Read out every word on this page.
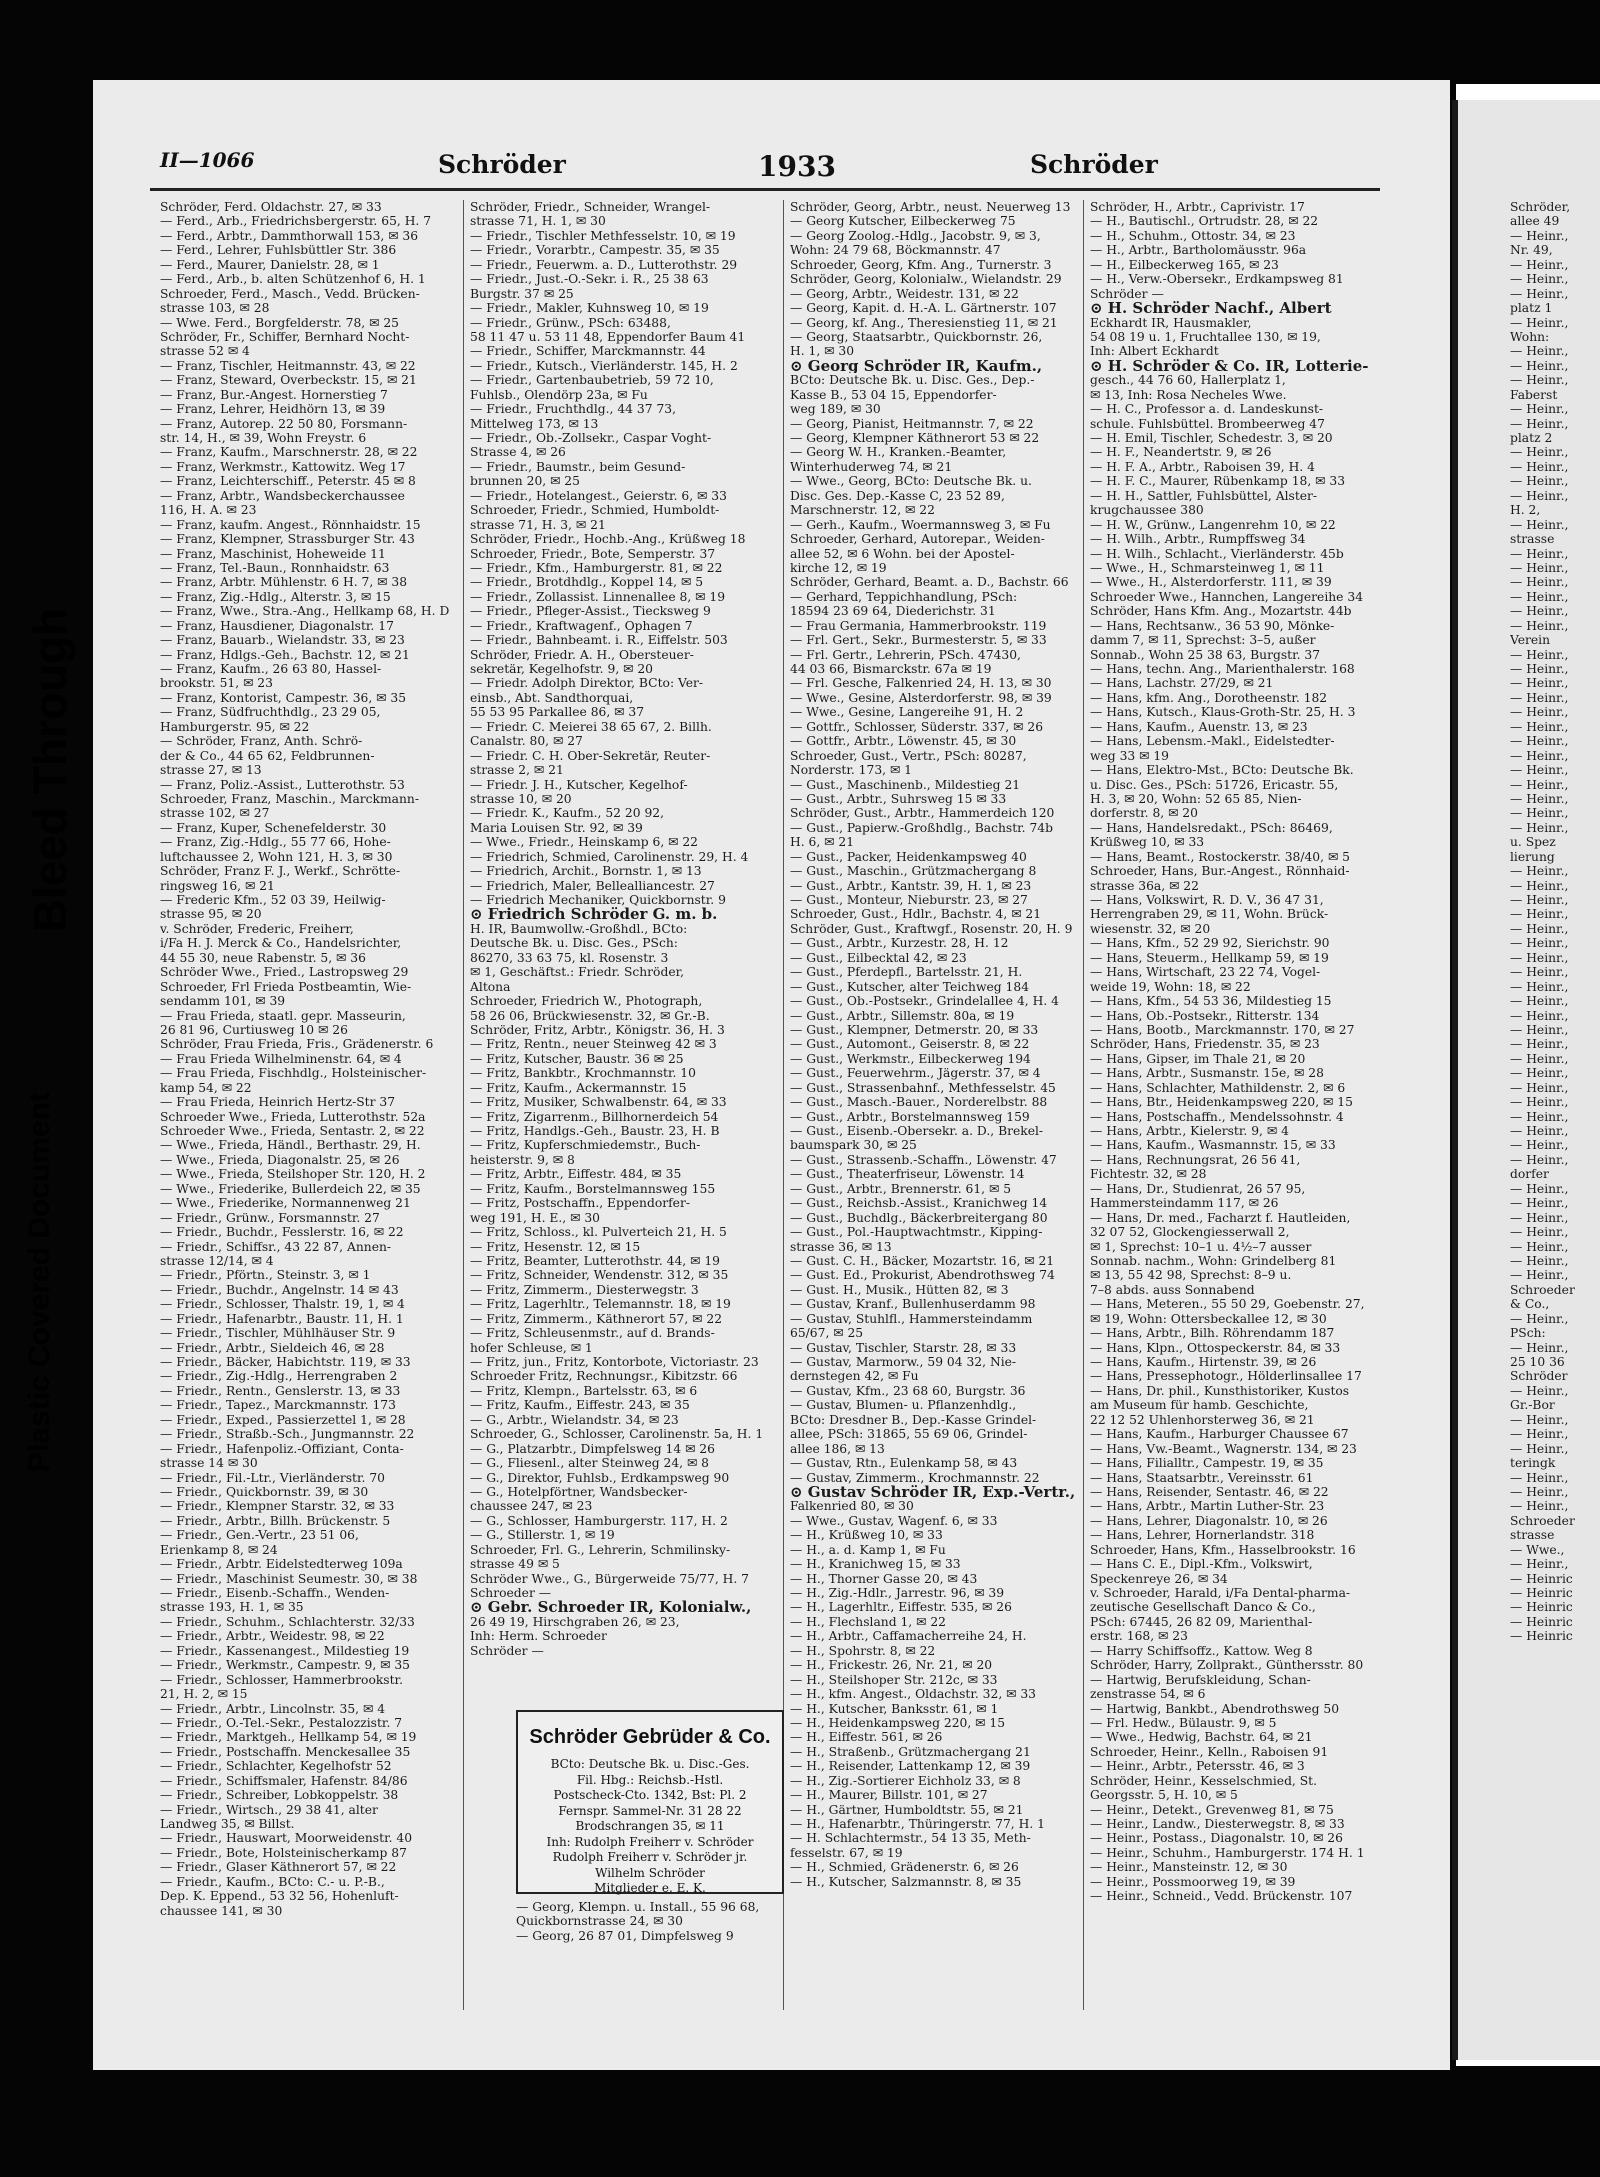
Bleed Through
Plastic Covered Document
II—1066	Schröder	1933	Schröder
Schröder, Ferd. Oldachstr. 27, ✉ 33
— Ferd., Arb., Friedrichsbergerstr. 65, H. 7
— Ferd., Arbtr., Dammthorwall 153, ✉ 36
— Ferd., Lehrer, Fuhlsbüttler Str. 386
— Ferd., Maurer, Danielstr. 28, ✉ 1
— Ferd., Arb., b. alten Schützenhof 6, H. 1
Schroeder, Ferd., Masch., Vedd. Brücken-
strasse 103, ✉ 28
— Wwe. Ferd., Borgfelderstr. 78, ✉ 25
Schröder, Fr., Schiffer, Bernhard Nocht-
strasse 52 ✉ 4
— Franz, Tischler, Heitmannstr. 43, ✉ 22
— Franz, Steward, Overbeckstr. 15, ✉ 21
— Franz, Bur.-Angest. Hornerstieg 7
— Franz, Lehrer, Heidhörn 13, ✉ 39
— Franz, Autorep. 22 50 80, Forsmann-
str. 14, H., ✉ 39, Wohn Freystr. 6
— Franz, Kaufm., Marschnerstr. 28, ✉ 22
— Franz, Werkmstr., Kattowitz. Weg 17
— Franz, Leichterschiff., Peterstr. 45 ✉ 8
— Franz, Arbtr., Wandsbeckerchaussee
116, H. A. ✉ 23
— Franz, kaufm. Angest., Rönnhaidstr. 15
— Franz, Klempner, Strassburger Str. 43
— Franz, Maschinist, Hoheweide 11
— Franz, Tel.-Baun., Ronnhaidstr. 63
— Franz, Arbtr. Mühlenstr. 6 H. 7, ✉ 38
— Franz, Zig.-Hdlg., Alterstr. 3, ✉ 15
— Franz, Wwe., Stra.-Ang., Hellkamp 68, H. D
— Franz, Hausdiener, Diagonalstr. 17
— Franz, Bauarb., Wielandstr. 33, ✉ 23
— Franz, Hdlgs.-Geh., Bachstr. 12, ✉ 21
— Franz, Kaufm., 26 63 80, Hassel-
brookstr. 51, ✉ 23
— Franz, Kontorist, Campestr. 36, ✉ 35
— Franz, Südfruchthdlg., 23 29 05,
Hamburgerstr. 95, ✉ 22
— Schröder, Franz, Anth. Schrö-
der & Co., 44 65 62, Feldbrunnen-
strasse 27, ✉ 13
— Franz, Poliz.-Assist., Lutterothstr. 53
Schroeder, Franz, Maschin., Marckmann-
strasse 102, ✉ 27
— Franz, Kuper, Schenefelderstr. 30
— Franz, Zig.-Hdlg., 55 77 66, Hohe-
luftchaussee 2, Wohn 121, H. 3, ✉ 30
Schröder, Franz F. J., Werkf., Schrötte-
ringsweg 16, ✉ 21
— Frederic Kfm., 52 03 39, Heilwig-
strasse 95, ✉ 20
v. Schröder, Frederic, Freiherr,
i/Fa H. J. Merck & Co., Handelsrichter,
44 55 30, neue Rabenstr. 5, ✉ 36
Schröder Wwe., Fried., Lastropsweg 29
Schroeder, Frl Frieda Postbeamtin, Wie-
sendamm 101, ✉ 39
— Frau Frieda, staatl. gepr. Masseurin,
26 81 96, Curtiusweg 10 ✉ 26
Schröder, Frau Frieda, Fris., Grädenerstr. 6
— Frau Frieda Wilhelminenstr. 64, ✉ 4
— Frau Frieda, Fischhdlg., Holsteinischer-
kamp 54, ✉ 22
— Frau Frieda, Heinrich Hertz-Str 37
Schroeder Wwe., Frieda, Lutterothstr. 52a
Schroeder Wwe., Frieda, Sentastr. 2, ✉ 22
— Wwe., Frieda, Händl., Berthastr. 29, H.
— Wwe., Frieda, Diagonalstr. 25, ✉ 26
— Wwe., Frieda, Steilshoper Str. 120, H. 2
— Wwe., Friederike, Bullerdeich 22, ✉ 35
— Wwe., Friederike, Normannenweg 21
— Friedr., Grünw., Forsmannstr. 27
— Friedr., Buchdr., Fesslerstr. 16, ✉ 22
— Friedr., Schiffsr., 43 22 87, Annen-
strasse 12/14, ✉ 4
— Friedr., Pförtn., Steinstr. 3, ✉ 1
— Friedr., Buchdr., Angelnstr. 14 ✉ 43
— Friedr., Schlosser, Thalstr. 19, 1, ✉ 4
— Friedr., Hafenarbtr., Baustr. 11, H. 1
— Friedr., Tischler, Mühlhäuser Str. 9
— Friedr., Arbtr., Sieldeich 46, ✉ 28
— Friedr., Bäcker, Habichtstr. 119, ✉ 33
— Friedr., Zig.-Hdlg., Herrengraben 2
— Friedr., Rentn., Genslerstr. 13, ✉ 33
— Friedr., Tapez., Marckmannstr. 173
— Friedr., Exped., Passierzettel 1, ✉ 28
— Friedr., Straßb.-Sch., Jungmannstr. 22
— Friedr., Hafenpoliz.-Offiziant, Conta-
strasse 14 ✉ 30
— Friedr., Fil.-Ltr., Vierländerstr. 70
— Friedr., Quickbornstr. 39, ✉ 30
— Friedr., Klempner Starstr. 32, ✉ 33
— Friedr., Arbtr., Billh. Brückenstr. 5
— Friedr., Gen.-Vertr., 23 51 06,
Erienkamp 8, ✉ 24
— Friedr., Arbtr. Eidelstedterweg 109a
— Friedr., Maschinist Seumestr. 30, ✉ 38
— Friedr., Eisenb.-Schaffn., Wenden-
strasse 193, H. 1, ✉ 35
— Friedr., Schuhm., Schlachterstr. 32/33
— Friedr., Arbtr., Weidestr. 98, ✉ 22
— Friedr., Kassenangest., Mildestieg 19
— Friedr., Werkmstr., Campestr. 9, ✉ 35
— Friedr., Schlosser, Hammerbrookstr.
21, H. 2, ✉ 15
— Friedr., Arbtr., Lincolnstr. 35, ✉ 4
— Friedr., O.-Tel.-Sekr., Pestalozzistr. 7
— Friedr., Marktgeh., Hellkamp 54, ✉ 19
— Friedr., Postschaffn. Menckesallee 35
— Friedr., Schlachter, Kegelhofstr 52
— Friedr., Schiffsmaler, Hafenstr. 84/86
— Friedr., Schreiber, Lobkoppelstr. 38
— Friedr., Wirtsch., 29 38 41, alter
Landweg 35, ✉ Billst.
— Friedr., Hauswart, Moorweidenstr. 40
— Friedr., Bote, Holsteinischerkamp 87
— Friedr., Glaser Käthnerort 57, ✉ 22
— Friedr., Kaufm., BCto: C.- u. P.-B.,
Dep. K. Eppend., 53 32 56, Hohenluft-
chaussee 141, ✉ 30
Schröder, Friedr., Schneider, Wrangel-
strasse 71, H. 1, ✉ 30
— Friedr., Tischler Methfesselstr. 10, ✉ 19
— Friedr., Vorarbtr., Campestr. 35, ✉ 35
— Friedr., Feuerwm. a. D., Lutterothstr. 29
— Friedr., Just.-O.-Sekr. i. R., 25 38 63
Burgstr. 37 ✉ 25
— Friedr., Makler, Kuhnsweg 10, ✉ 19
— Friedr., Grünw., PSch: 63488,
58 11 47 u. 53 11 48, Eppendorfer Baum 41
— Friedr., Schiffer, Marckmannstr. 44
— Friedr., Kutsch., Vierländerstr. 145, H. 2
— Friedr., Gartenbaubetrieb, 59 72 10,
Fuhlsb., Olendörp 23a, ✉ Fu
— Friedr., Fruchthdlg., 44 37 73,
Mittelweg 173, ✉ 13
— Friedr., Ob.-Zollsekr., Caspar Voght-
Strasse 4, ✉ 26
— Friedr., Baumstr., beim Gesund-
brunnen 20, ✉ 25
— Friedr., Hotelangest., Geierstr. 6, ✉ 33
Schroeder, Friedr., Schmied, Humboldt-
strasse 71, H. 3, ✉ 21
Schröder, Friedr., Hochb.-Ang., Krüßweg 18
Schroeder, Friedr., Bote, Semperstr. 37
— Friedr., Kfm., Hamburgerstr. 81, ✉ 22
— Friedr., Brotdhdlg., Koppel 14, ✉ 5
— Friedr., Zollassist. Linnenallee 8, ✉ 19
— Friedr., Pfleger-Assist., Tiecksweg 9
— Friedr., Kraftwagenf., Ophagen 7
— Friedr., Bahnbeamt. i. R., Eiffelstr. 503
Schröder, Friedr. A. H., Obersteuer-
sekretär, Kegelhofstr. 9, ✉ 20
— Friedr. Adolph Direktor, BCto: Ver-
einsb., Abt. Sandthorquai,
55 53 95 Parkallee 86, ✉ 37
— Friedr. C. Meierei 38 65 67, 2. Billh.
Canalstr. 80, ✉ 27
— Friedr. C. H. Ober-Sekretär, Reuter-
strasse 2, ✉ 21
— Friedr. J. H., Kutscher, Kegelhof-
strasse 10, ✉ 20
— Friedr. K., Kaufm., 52 20 92,
Maria Louisen Str. 92, ✉ 39
— Wwe., Friedr., Heinskamp 6, ✉ 22
— Friedrich, Schmied, Carolinenstr. 29, H. 4
— Friedrich, Archit., Bornstr. 1, ✉ 13
— Friedrich, Maler, Bellealliancestr. 27
— Friedrich Mechaniker, Quickbornstr. 9
⊙ Friedrich Schröder G. m. b.
H. IR, Baumwollw.-Großhdl., BCto:
Deutsche Bk. u. Disc. Ges., PSch:
86270, 33 63 75, kl. Rosenstr. 3
✉ 1, Geschäftst.: Friedr. Schröder,
Altona
Schroeder, Friedrich W., Photograph,
58 26 06, Brückwiesenstr. 32, ✉ Gr.-B.
Schröder, Fritz, Arbtr., Königstr. 36, H. 3
— Fritz, Rentn., neuer Steinweg 42 ✉ 3
— Fritz, Kutscher, Baustr. 36 ✉ 25
— Fritz, Bankbtr., Krochmannstr. 10
— Fritz, Kaufm., Ackermannstr. 15
— Fritz, Musiker, Schwalbenstr. 64, ✉ 33
— Fritz, Zigarrenm., Billhornerdeich 54
— Fritz, Handlgs.-Geh., Baustr. 23, H. B
— Fritz, Kupferschmiedemstr., Buch-
heisterstr. 9, ✉ 8
— Fritz, Arbtr., Eiffestr. 484, ✉ 35
— Fritz, Kaufm., Borstelmannsweg 155
— Fritz, Postschaffn., Eppendorfer-
weg 191, H. E., ✉ 30
— Fritz, Schloss., kl. Pulverteich 21, H. 5
— Fritz, Hesenstr. 12, ✉ 15
— Fritz, Beamter, Lutterothstr. 44, ✉ 19
— Fritz, Schneider, Wendenstr. 312, ✉ 35
— Fritz, Zimmerm., Diesterwegstr. 3
— Fritz, Lagerhltr., Telemannstr. 18, ✉ 19
— Fritz, Zimmerm., Käthnerort 57, ✉ 22
— Fritz, Schleusenmstr., auf d. Brands-
hofer Schleuse, ✉ 1
— Fritz, jun., Fritz, Kontorbote, Victoriastr. 23
Schroeder Fritz, Rechnungsr., Kibitzstr. 66
— Fritz, Klempn., Bartelsstr. 63, ✉ 6
— Fritz, Kaufm., Eiffestr. 243, ✉ 35
— G., Arbtr., Wielandstr. 34, ✉ 23
Schroeder, G., Schlosser, Carolinenstr. 5a, H. 1
— G., Platzarbtr., Dimpfelsweg 14 ✉ 26
— G., Fliesenl., alter Steinweg 24, ✉ 8
— G., Direktor, Fuhlsb., Erdkampsweg 90
— G., Hotelpförtner, Wandsbecker-
chaussee 247, ✉ 23
— G., Schlosser, Hamburgerstr. 117, H. 2
— G., Stillerstr. 1, ✉ 19
Schroeder, Frl. G., Lehrerin, Schmilinsky-
strasse 49 ✉ 5
Schröder Wwe., G., Bürgerweide 75/77, H. 7
Schroeder —
⊙ Gebr. Schroeder IR, Kolonialw.,
26 49 19, Hirschgraben 26, ✉ 23,
Inh: Herm. Schroeder
Schröder —
Schröder, Georg, Arbtr., neust. Neuerweg 13
— Georg Kutscher, Eilbeckerweg 75
— Georg Zoolog.-Hdlg., Jacobstr. 9, ✉ 3,
Wohn: 24 79 68, Böckmannstr. 47
Schroeder, Georg, Kfm. Ang., Turnerstr. 3
Schröder, Georg, Kolonialw., Wielandstr. 29
— Georg, Arbtr., Weidestr. 131, ✉ 22
— Georg, Kapit. d. H.-A. L. Gärtnerstr. 107
— Georg, kf. Ang., Theresienstieg 11, ✉ 21
— Georg, Staatsarbtr., Quickbornstr. 26,
H. 1, ✉ 30
⊙ Georg Schröder IR, Kaufm.,
BCto: Deutsche Bk. u. Disc. Ges., Dep.-
Kasse B., 53 04 15, Eppendorfer-
weg 189, ✉ 30
— Georg, Pianist, Heitmannstr. 7, ✉ 22
— Georg, Klempner Käthnerort 53 ✉ 22
— Georg W. H., Kranken.-Beamter,
Winterhuderweg 74, ✉ 21
— Wwe., Georg, BCto: Deutsche Bk. u.
Disc. Ges. Dep.-Kasse C, 23 52 89,
Marschnerstr. 12, ✉ 22
— Gerh., Kaufm., Woermannsweg 3, ✉ Fu
Schroeder, Gerhard, Autorepar., Weiden-
allee 52, ✉ 6 Wohn. bei der Apostel-
kirche 12, ✉ 19
Schröder, Gerhard, Beamt. a. D., Bachstr. 66
— Gerhard, Teppichhandlung, PSch:
18594 23 69 64, Diederichstr. 31
— Frau Germania, Hammerbrookstr. 119
— Frl. Gert., Sekr., Burmesterstr. 5, ✉ 33
— Frl. Gertr., Lehrerin, PSch. 47430,
44 03 66, Bismarckstr. 67a ✉ 19
— Frl. Gesche, Falkenried 24, H. 13, ✉ 30
— Wwe., Gesine, Alsterdorferstr. 98, ✉ 39
— Wwe., Gesine, Langereihe 91, H. 2
— Gottfr., Schlosser, Süderstr. 337, ✉ 26
— Gottfr., Arbtr., Löwenstr. 45, ✉ 30
Schroeder, Gust., Vertr., PSch: 80287,
Norderstr. 173, ✉ 1
— Gust., Maschinenb., Mildestieg 21
— Gust., Arbtr., Suhrsweg 15 ✉ 33
Schröder, Gust., Arbtr., Hammerdeich 120
— Gust., Papierw.-Großhdlg., Bachstr. 74b
H. 6, ✉ 21
— Gust., Packer, Heidenkampsweg 40
— Gust., Maschin., Grützmachergang 8
— Gust., Arbtr., Kantstr. 39, H. 1, ✉ 23
— Gust., Monteur, Nieburstr. 23, ✉ 27
Schroeder, Gust., Hdlr., Bachstr. 4, ✉ 21
Schröder, Gust., Kraftwgf., Rosenstr. 20, H. 9
— Gust., Arbtr., Kurzestr. 28, H. 12
— Gust., Eilbecktal 42, ✉ 23
— Gust., Pferdepfl., Bartelsstr. 21, H.
— Gust., Kutscher, alter Teichweg 184
— Gust., Ob.-Postsekr., Grindelallee 4, H. 4
— Gust., Arbtr., Sillemstr. 80a, ✉ 19
— Gust., Klempner, Detmerstr. 20, ✉ 33
— Gust., Automont., Geiserstr. 8, ✉ 22
— Gust., Werkmstr., Eilbeckerweg 194
— Gust., Feuerwehrm., Jägerstr. 37, ✉ 4
— Gust., Strassenbahnf., Methfesselstr. 45
— Gust., Masch.-Bauer., Norderelbstr. 88
— Gust., Arbtr., Borstelmannsweg 159
— Gust., Eisenb.-Obersekr. a. D., Brekel-
baumspark 30, ✉ 25
— Gust., Strassenb.-Schaffn., Löwenstr. 47
— Gust., Theaterfriseur, Löwenstr. 14
— Gust., Arbtr., Brennerstr. 61, ✉ 5
— Gust., Reichsb.-Assist., Kranichweg 14
— Gust., Buchdlg., Bäckerbreitergang 80
— Gust., Pol.-Hauptwachtmstr., Kipping-
strasse 36, ✉ 13
— Gust. C. H., Bäcker, Mozartstr. 16, ✉ 21
— Gust. Ed., Prokurist, Abendrothsweg 74
— Gust. H., Musik., Hütten 82, ✉ 3
— Gustav, Kranf., Bullenhuserdamm 98
— Gustav, Stuhlfl., Hammersteindamm
65/67, ✉ 25
— Gustav, Tischler, Starstr. 28, ✉ 33
— Gustav, Marmorw., 59 04 32, Nie-
dernstegen 42, ✉ Fu
— Gustav, Kfm., 23 68 60, Burgstr. 36
— Gustav, Blumen- u. Pflanzenhdlg.,
BCto: Dresdner B., Dep.-Kasse Grindel-
allee, PSch: 31865, 55 69 06, Grindel-
allee 186, ✉ 13
— Gustav, Rtn., Eulenkamp 58, ✉ 43
— Gustav, Zimmerm., Krochmannstr. 22
⊙ Gustav Schröder IR, Exp.-Vertr.,
Falkenried 80, ✉ 30
— Wwe., Gustav, Wagenf. 6, ✉ 33
— H., Krüßweg 10, ✉ 33
— H., a. d. Kamp 1, ✉ Fu
— H., Kranichweg 15, ✉ 33
— H., Thorner Gasse 20, ✉ 43
— H., Zig.-Hdlr., Jarrestr. 96, ✉ 39
— H., Lagerhltr., Eiffestr. 535, ✉ 26
— H., Flechsland 1, ✉ 22
— H., Arbtr., Caffamacherreihe 24, H.
— H., Spohrstr. 8, ✉ 22
— H., Frickestr. 26, Nr. 21, ✉ 20
— H., Steilshoper Str. 212c, ✉ 33
— H., kfm. Angest., Oldachstr. 32, ✉ 33
— H., Kutscher, Banksstr. 61, ✉ 1
— H., Heidenkampsweg 220, ✉ 15
— H., Eiffestr. 561, ✉ 26
— H., Straßenb., Grützmachergang 21
— H., Reisender, Lattenkamp 12, ✉ 39
— H., Zig.-Sortierer Eichholz 33, ✉ 8
— H., Maurer, Billstr. 101, ✉ 27
— H., Gärtner, Humboldtstr. 55, ✉ 21
— H., Hafenarbtr., Thüringerstr. 77, H. 1
— H. Schlachtermstr., 54 13 35, Meth-
fesselstr. 67, ✉ 19
— H., Schmied, Grädenerstr. 6, ✉ 26
— H., Kutscher, Salzmannstr. 8, ✉ 35
Schröder, H., Arbtr., Caprivistr. 17
— H., Bautischl., Ortrudstr. 28, ✉ 22
— H., Schuhm., Ottostr. 34, ✉ 23
— H., Arbtr., Bartholomäusstr. 96a
— H., Eilbeckerweg 165, ✉ 23
— H., Verw.-Obersekr., Erdkampsweg 81
Schröder —
⊙ H. Schröder Nachf., Albert
Eckhardt IR, Hausmakler,
54 08 19 u. 1, Fruchtallee 130, ✉ 19,
Inh: Albert Eckhardt
⊙ H. Schröder & Co. IR, Lotterie-
gesch., 44 76 60, Hallerplatz 1,
✉ 13, Inh: Rosa Necheles Wwe.
— H. C., Professor a. d. Landeskunst-
schule. Fuhlsbüttel. Brombeerweg 47
— H. Emil, Tischler, Schedestr. 3, ✉ 20
— H. F., Neandertstr. 9, ✉ 26
— H. F. A., Arbtr., Raboisen 39, H. 4
— H. F. C., Maurer, Rübenkamp 18, ✉ 33
— H. H., Sattler, Fuhlsbüttel, Alster-
krugchaussee 380
— H. W., Grünw., Langenrehm 10, ✉ 22
— H. Wilh., Arbtr., Rumpffsweg 34
— H. Wilh., Schlacht., Vierländerstr. 45b
— Wwe., H., Schmarsteinweg 1, ✉ 11
— Wwe., H., Alsterdorferstr. 111, ✉ 39
Schroeder Wwe., Hannchen, Langereihe 34
Schröder, Hans Kfm. Ang., Mozartstr. 44b
— Hans, Rechtsanw., 36 53 90, Mönke-
damm 7, ✉ 11, Sprechst: 3–5, außer
Sonnab., Wohn 25 38 63, Burgstr. 37
— Hans, techn. Ang., Marienthalerstr. 168
— Hans, Lachstr. 27/29, ✉ 21
— Hans, kfm. Ang., Dorotheenstr. 182
— Hans, Kutsch., Klaus-Groth-Str. 25, H. 3
— Hans, Kaufm., Auenstr. 13, ✉ 23
— Hans, Lebensm.-Makl., Eidelstedter-
weg 33 ✉ 19
— Hans, Elektro-Mst., BCto: Deutsche Bk.
u. Disc. Ges., PSch: 51726, Ericastr. 55,
H. 3, ✉ 20, Wohn: 52 65 85, Nien-
dorferstr. 8, ✉ 20
— Hans, Handelsredakt., PSch: 86469,
Krüßweg 10, ✉ 33
— Hans, Beamt., Rostockerstr. 38/40, ✉ 5
Schroeder, Hans, Bur.-Angest., Rönnhaid-
strasse 36a, ✉ 22
— Hans, Volkswirt, R. D. V., 36 47 31,
Herrengraben 29, ✉ 11, Wohn. Brück-
wiesenstr. 32, ✉ 20
— Hans, Kfm., 52 29 92, Sierichstr. 90
— Hans, Steuerm., Hellkamp 59, ✉ 19
— Hans, Wirtschaft, 23 22 74, Vogel-
weide 19, Wohn: 18, ✉ 22
— Hans, Kfm., 54 53 36, Mildestieg 15
— Hans, Ob.-Postsekr., Ritterstr. 134
— Hans, Bootb., Marckmannstr. 170, ✉ 27
Schröder, Hans, Friedenstr. 35, ✉ 23
— Hans, Gipser, im Thale 21, ✉ 20
— Hans, Arbtr., Susmanstr. 15e, ✉ 28
— Hans, Schlachter, Mathildenstr. 2, ✉ 6
— Hans, Btr., Heidenkampsweg 220, ✉ 15
— Hans, Postschaffn., Mendelssohnstr. 4
— Hans, Arbtr., Kielerstr. 9, ✉ 4
— Hans, Kaufm., Wasmannstr. 15, ✉ 33
— Hans, Rechnungsrat, 26 56 41,
Fichtestr. 32, ✉ 28
— Hans, Dr., Studienrat, 26 57 95,
Hammersteindamm 117, ✉ 26
— Hans, Dr. med., Facharzt f. Hautleiden,
32 07 52, Glockengiesserwall 2,
✉ 1, Sprechst: 10–1 u. 4½–7 ausser
Sonnab. nachm., Wohn: Grindelberg 81
✉ 13, 55 42 98, Sprechst: 8–9 u.
7–8 abds. auss Sonnabend
— Hans, Meteren., 55 50 29, Goebenstr. 27,
✉ 19, Wohn: Ottersbeckallee 12, ✉ 30
— Hans, Arbtr., Bilh. Röhrendamm 187
— Hans, Klpn., Ottospeckerstr. 84, ✉ 33
— Hans, Kaufm., Hirtenstr. 39, ✉ 26
— Hans, Pressephotogr., Hölderlinsallee 17
— Hans, Dr. phil., Kunsthistoriker, Kustos
am Museum für hamb. Geschichte,
22 12 52 Uhlenhorsterweg 36, ✉ 21
— Hans, Kaufm., Harburger Chaussee 67
— Hans, Vw.-Beamt., Wagnerstr. 134, ✉ 23
— Hans, Filialltr., Campestr. 19, ✉ 35
— Hans, Staatsarbtr., Vereinsstr. 61
— Hans, Reisender, Sentastr. 46, ✉ 22
— Hans, Arbtr., Martin Luther-Str. 23
— Hans, Lehrer, Diagonalstr. 10, ✉ 26
— Hans, Lehrer, Hornerlandstr. 318
Schroeder, Hans, Kfm., Hasselbrookstr. 16
— Hans C. E., Dipl.-Kfm., Volkswirt,
Speckenreye 26, ✉ 34
v. Schroeder, Harald, i/Fa Dental-pharma-
zeutische Gesellschaft Danco & Co.,
PSch: 67445, 26 82 09, Marienthal-
erstr. 168, ✉ 23
— Harry Schiffsoffz., Kattow. Weg 8
Schröder, Harry, Zollprakt., Günthersstr. 80
— Hartwig, Berufskleidung, Schan-
zenstrasse 54, ✉ 6
— Hartwig, Bankbt., Abendrothsweg 50
— Frl. Hedw., Bülaustr. 9, ✉ 5
— Wwe., Hedwig, Bachstr. 64, ✉ 21
Schroeder, Heinr., Kelln., Raboisen 91
— Heinr., Arbtr., Petersstr. 46, ✉ 3
Schröder, Heinr., Kesselschmied, St.
Georgsstr. 5, H. 10, ✉ 5
— Heinr., Detekt., Grevenweg 81, ✉ 75
— Heinr., Landw., Diesterwegstr. 8, ✉ 33
— Heinr., Postass., Diagonalstr. 10, ✉ 26
— Heinr., Schuhm., Hamburgerstr. 174 H. 1
— Heinr., Mansteinstr. 12, ✉ 30
— Heinr., Possmoorweg 19, ✉ 39
— Heinr., Schneid., Vedd. Brückenstr. 107
Schröder Gebrüder & Co.
BCto: Deutsche Bk. u. Disc.-Ges.
Fil. Hbg.: Reichsb.-Hstl.
Postscheck-Cto. 1342, Bst: Pl. 2
Fernspr. Sammel-Nr. 31 28 22
Brodschrangen 35, ✉ 11
Inh: Rudolph Freiherr v. Schröder
Rudolph Freiherr v. Schröder jr.
Wilhelm Schröder
Mitglieder e. E. K.
— Georg, Klempn. u. Install., 55 96 68,
Quickbornstrasse 24, ✉ 30
— Georg, 26 87 01, Dimpfelsweg 9
Schröder,
allee 49
— Heinr.,
Nr. 49,
— Heinr.,
— Heinr.,
— Heinr.,
platz 1
— Heinr.,
Wohn:
— Heinr.,
— Heinr.,
— Heinr.,
Faberst
— Heinr.,
— Heinr.,
platz 2
— Heinr.,
— Heinr.,
— Heinr.,
— Heinr.,
H. 2,
— Heinr.,
strasse
— Heinr.,
— Heinr.,
— Heinr.,
— Heinr.,
— Heinr.,
— Heinr.,
Verein
— Heinr.,
— Heinr.,
— Heinr.,
— Heinr.,
— Heinr.,
— Heinr.,
— Heinr.,
— Heinr.,
— Heinr.,
— Heinr.,
— Heinr.,
— Heinr.,
— Heinr.,
u. Spez
lierung
— Heinr.,
— Heinr.,
— Heinr.,
— Heinr.,
— Heinr.,
— Heinr.,
— Heinr.,
— Heinr.,
— Heinr.,
— Heinr.,
— Heinr.,
— Heinr.,
— Heinr.,
— Heinr.,
— Heinr.,
— Heinr.,
— Heinr.,
— Heinr.,
— Heinr.,
— Heinr.,
— Heinr.,
dorfer
— Heinr.,
— Heinr.,
— Heinr.,
— Heinr.,
— Heinr.,
— Heinr.,
— Heinr.,
Schroeder
& Co.,
— Heinr.,
PSch:
— Heinr.,
25 10 36
Schröder
— Heinr.,
Gr.-Bor
— Heinr.,
— Heinr.,
— Heinr.,
teringk
— Heinr.,
— Heinr.,
— Heinr.,
Schroeder
strasse
— Wwe.,
— Heinr.,
— Heinric
— Heinric
— Heinric
— Heinric
— Heinric
